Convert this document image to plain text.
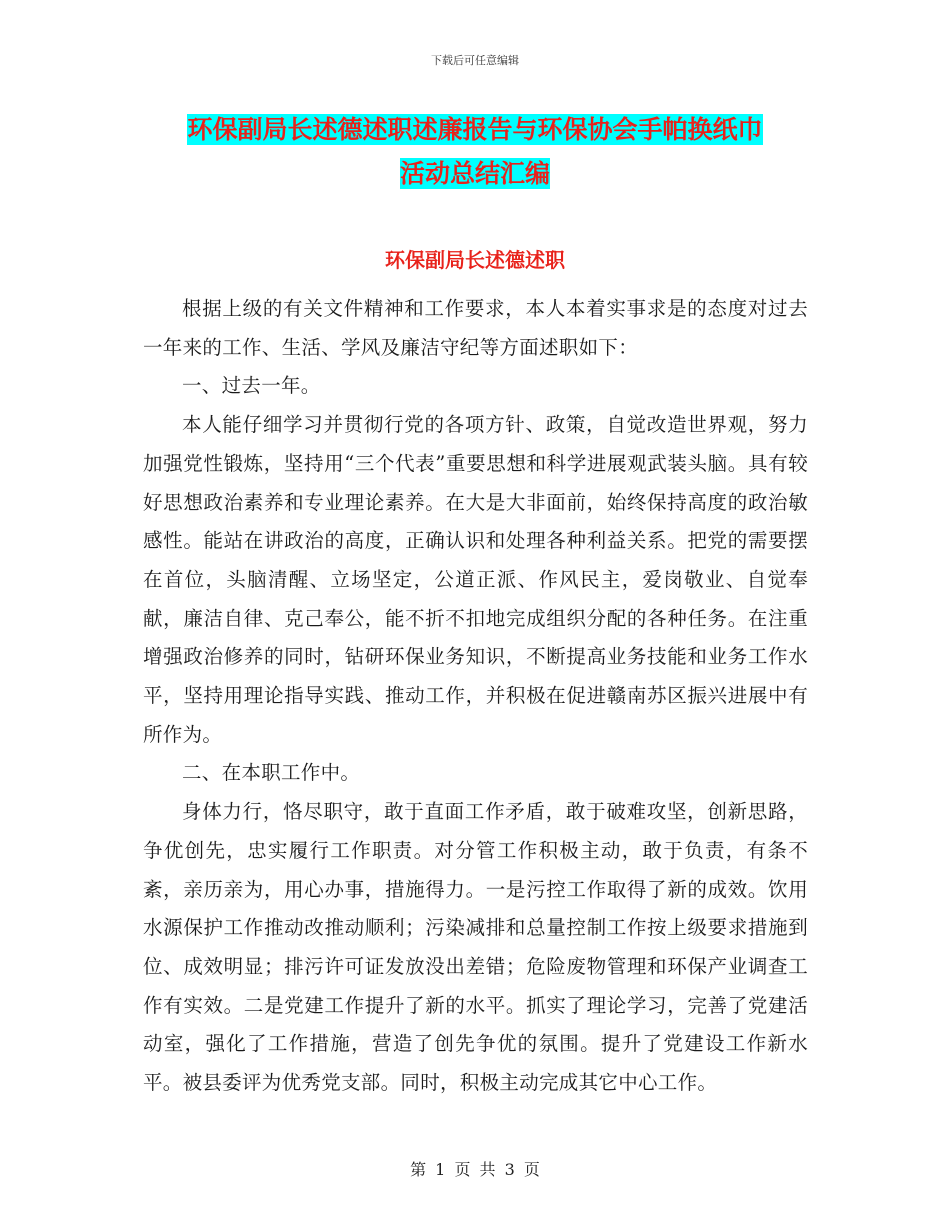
下载后可任意编辑
环保副局长述德述职述廉报告与环保协会手帕换纸巾
活动总结汇编
环保副局长述德述职

根据上级的有关文件精神和工作要求，本人本着实事求是的态度对过去一年来的工作、生活、学风及廉洁守纪等方面述职如下：

一、过去一年。

本人能仔细学习并贯彻行党的各项方针、政策，自觉改造世界观，努力加强党性锻炼，坚持用“三个代表”重要思想和科学进展观武装头脑。具有较好思想政治素养和专业理论素养。在大是大非面前，始终保持高度的政治敏感性。能站在讲政治的高度，正确认识和处理各种利益关系。把党的需要摆在首位，头脑清醒、立场坚定，公道正派、作风民主，爱岗敬业、自觉奉献，廉洁自律、克己奉公，能不折不扣地完成组织分配的各种任务。在注重增强政治修养的同时，钻研环保业务知识，不断提高业务技能和业务工作水平，坚持用理论指导实践、推动工作，并积极在促进赣南苏区振兴进展中有所作为。

二、在本职工作中。

身体力行，恪尽职守，敢于直面工作矛盾，敢于破难攻坚，创新思路，争优创先，忠实履行工作职责。对分管工作积极主动，敢于负责，有条不紊，亲历亲为，用心办事，措施得力。一是污控工作取得了新的成效。饮用水源保护工作推动改推动顺利；污染减排和总量控制工作按上级要求措施到位、成效明显；排污许可证发放没出差错；危险废物管理和环保产业调查工作有实效。二是党建工作提升了新的水平。抓实了理论学习，完善了党建活动室，强化了工作措施，营造了创先争优的氛围。提升了党建设工作新水平。被县委评为优秀党支部。同时，积极主动完成其它中心工作。

第 1 页 共 3 页
